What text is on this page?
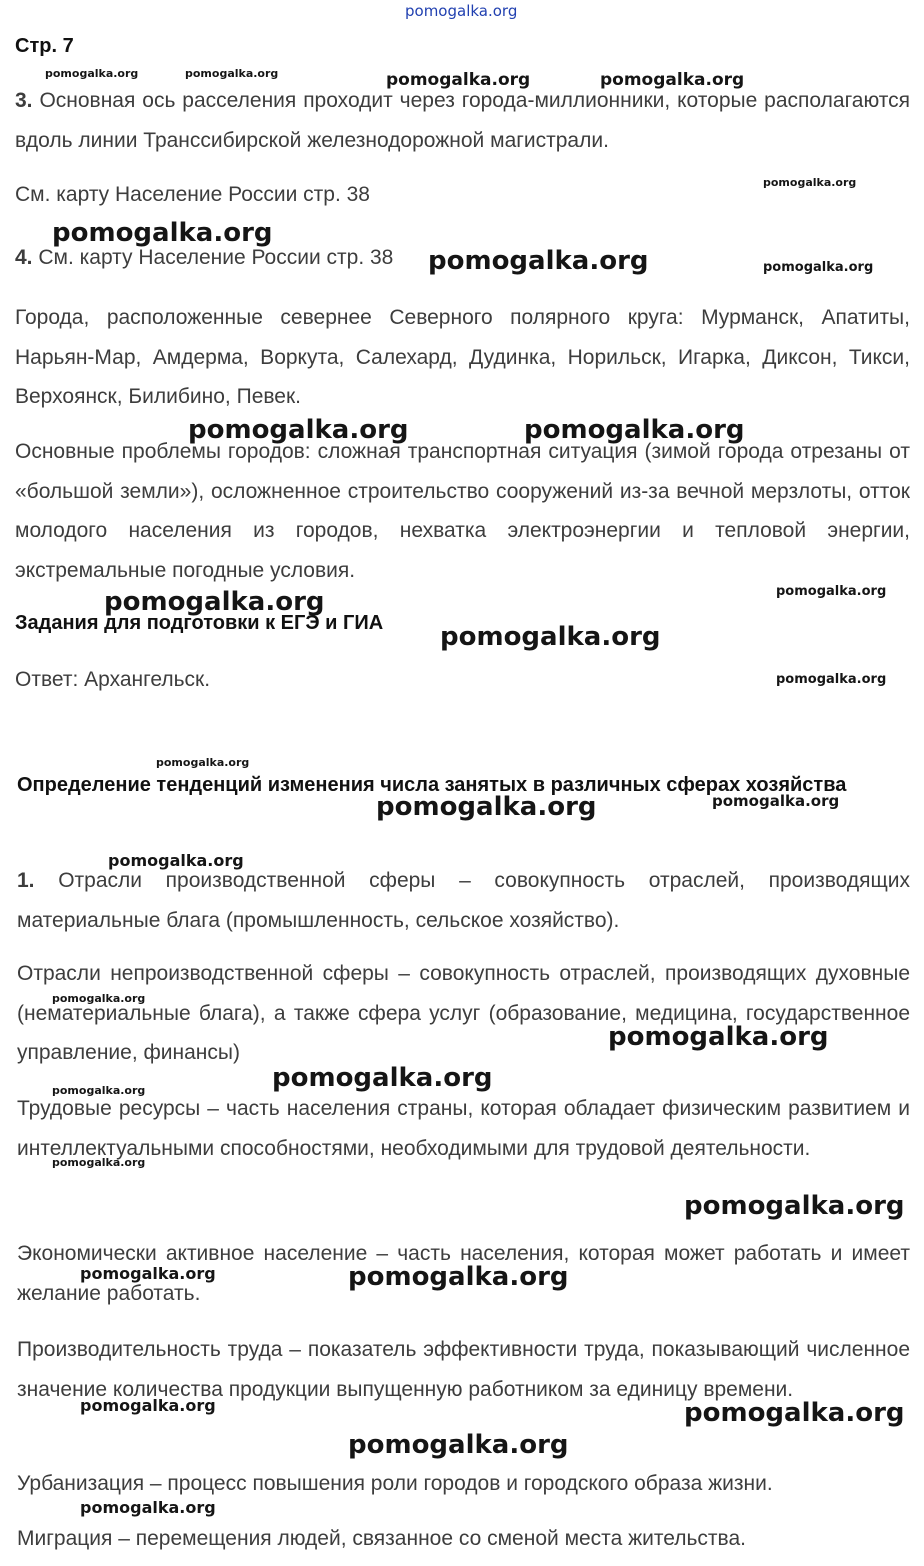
pomogalka.org
pomogalka.org	pomogalka.org	pomogalka.org	pomogalka.org
pomogalka.org
pomogalka.org
pomogalka.org	pomogalka.org
pomogalka.org	pomogalka.org
pomogalka.org
pomogalka.org
pomogalka.org
pomogalka.org
pomogalka.org
pomogalka.org
pomogalka.org
pomogalka.org
pomogalka.org
pomogalka.org
pomogalka.org
pomogalka.org
pomogalka.org
pomogalka.org
pomogalka.org	pomogalka.org
pomogalka.org	pomogalka.org
pomogalka.org
pomogalka.org
Стр. 7
3. Основная ось расселения проходит через города-миллионники, которые располагаются вдоль линии Транссибирской железнодорожной магистрали.
См. карту Население России стр. 38
4. См. карту Население России стр. 38
Города, расположенные севернее Северного полярного круга: Мурманск, Апатиты, Нарьян-Мар, Амдерма, Воркута, Салехард, Дудинка, Норильск, Игарка, Диксон, Тикси, Верхоянск, Билибино, Певек.
Основные проблемы городов: сложная транспортная ситуация (зимой города отрезаны от «большой земли»), осложненное строительство сооружений из-за вечной мерзлоты, отток молодого населения из городов, нехватка электроэнергии и тепловой энергии, экстремальные погодные условия.
Задания для подготовки к ЕГЭ и ГИА
Ответ: Архангельск.
Определение тенденций изменения числа занятых в различных сферах хозяйства
1. Отрасли производственной сферы – совокупность отраслей, производящих материальные блага (промышленность, сельское хозяйство).
Отрасли непроизводственной сферы – совокупность отраслей, производящих духовные (нематериальные блага), а также сфера услуг (образование, медицина, государственное управление, финансы)
Трудовые ресурсы – часть населения страны, которая обладает физическим развитием и интеллектуальными способностями, необходимыми для трудовой деятельности.
Экономически активное население – часть населения, которая может работать и имеет желание работать.
Производительность труда – показатель эффективности труда, показывающий численное значение количества продукции выпущенную работником за единицу времени.
Урбанизация – процесс повышения роли городов и городского образа жизни.
Миграция – перемещения людей, связанное со сменой места жительства.
